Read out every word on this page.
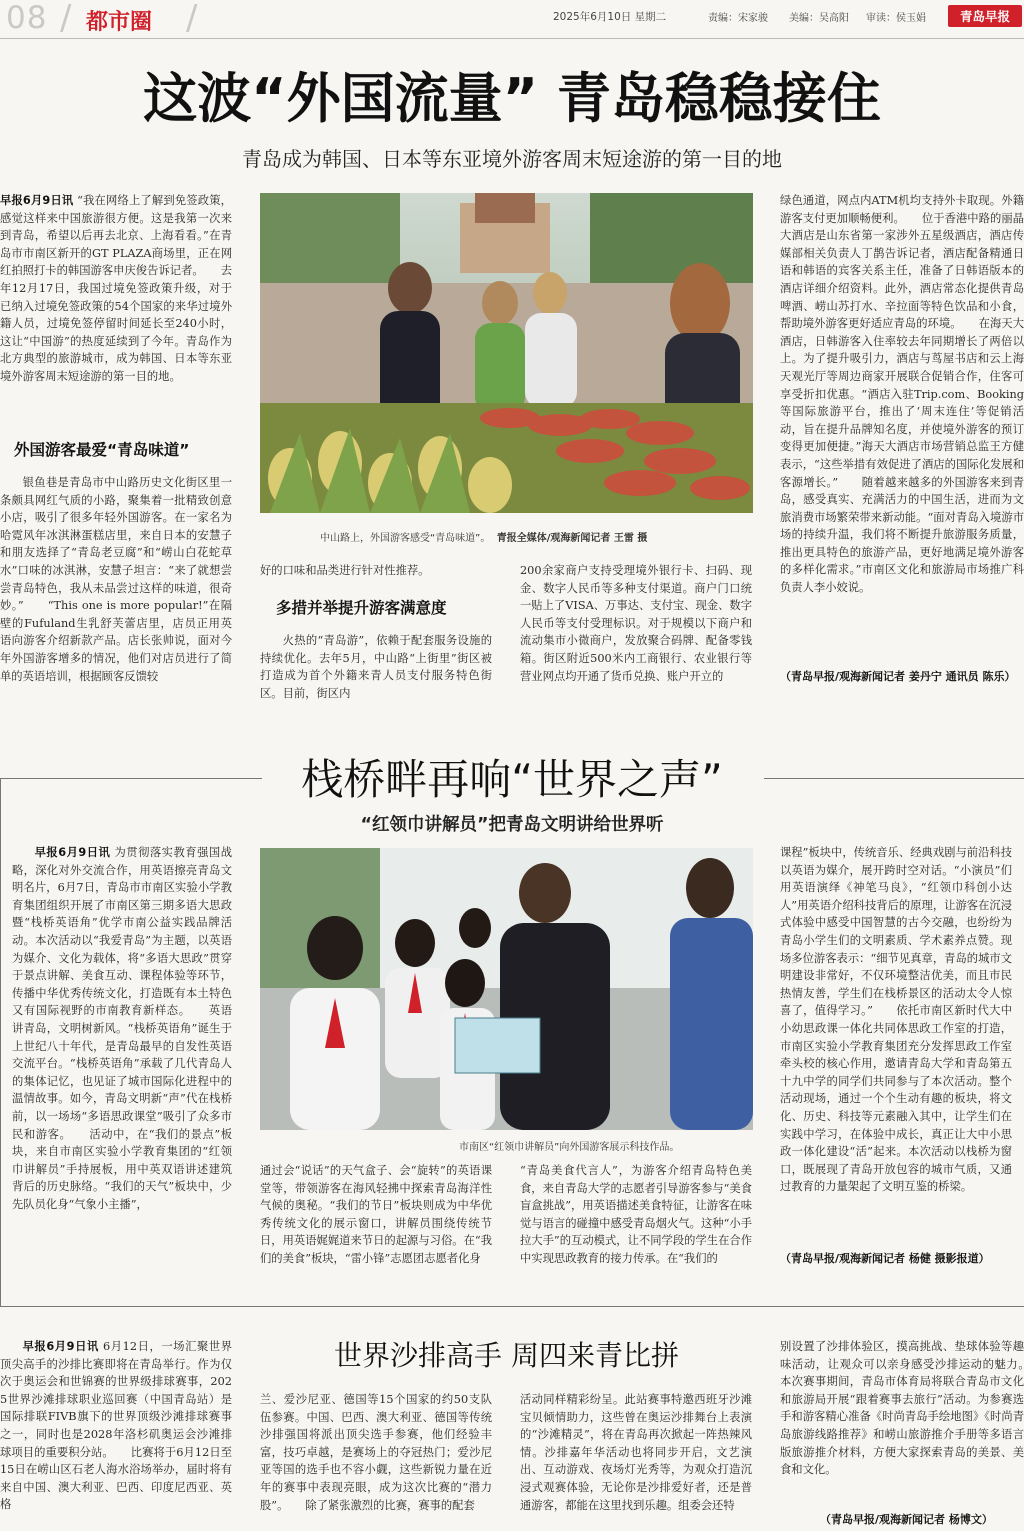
08 / 都市圈 /	2025年6月10日 星期二	责编：宋家骏 美编：吴高阳 审读：侯玉娟	青岛早报
这波“外国流量” 青岛稳稳接住
青岛成为韩国、日本等东亚境外游客周末短途游的第一目的地
早报6月9日讯 “我在网络上了解到免签政策，感觉这样来中国旅游很方便。这是我第一次来到青岛，希望以后再去北京、上海看看。”在青岛市市南区新开的GT PLAZA商场里，正在网红拍照打卡的韩国游客申庆俊告诉记者。　　去年12月17日，我国过境免签政策升级，对于已纳入过境免签政策的54个国家的来华过境外籍人员，过境免签停留时间延长至240小时，这让“中国游”的热度延续到了今年。青岛作为北方典型的旅游城市，成为韩国、日本等东亚境外游客周末短途游的第一目的地。
外国游客最爱“青岛味道”
银鱼巷是青岛市中山路历史文化街区里一条颇具网红气质的小路，聚集着一批精致创意小店，吸引了很多年轻外国游客。在一家名为哈霓风年冰淇淋蛋糕店里，来自日本的安慧子和朋友选择了“青岛老豆腐”和“崂山白花蛇草水”口味的冰淇淋，安慧子坦言：“来了就想尝尝青岛特色，我从未品尝过这样的味道，很奇妙。”　　“This one is more popular!”在隔壁的Fufuland生乳舒芙蕾店里，店员正用英语向游客介绍新款产品。店长张帅说，面对今年外国游客增多的情况，他们对店员进行了简单的英语培训，根据顾客反馈较
中山路上，外国游客感受“青岛味道”。 青报全媒体/观海新闻记者 王雷 摄
好的口味和品类进行针对性推荐。
多措并举提升游客满意度
火热的“青岛游”，依赖于配套服务设施的持续优化。去年5月，中山路“上街里”街区被打造成为首个外籍来青人员支付服务特色街区。目前，街区内
200余家商户支持受理境外银行卡、扫码、现金、数字人民币等多种支付渠道。商户门口统一贴上了VISA、万事达、支付宝、现金、数字人民币等支付受理标识。对于规模以下商户和流动集市小微商户，发放聚合码牌、配备零钱箱。街区附近500米内工商银行、农业银行等营业网点均开通了货币兑换、账户开立的
绿色通道，网点内ATM机均支持外卡取现。外籍游客支付更加顺畅便利。　　位于香港中路的丽晶大酒店是山东省第一家涉外五星级酒店，酒店传媒部相关负责人丁鹊告诉记者，酒店配备精通日语和韩语的宾客关系主任，准备了日韩语版本的酒店详细介绍资料。此外，酒店常态化提供青岛啤酒、崂山苏打水、辛拉面等特色饮品和小食，帮助境外游客更好适应青岛的环境。　　在海天大酒店，日韩游客入住率较去年同期增长了两倍以上。为了提升吸引力，酒店与茑屋书店和云上海天观光厅等周边商家开展联合促销合作，住客可享受折扣优惠。“酒店入驻Trip.com、Booking等国际旅游平台，推出了‘周末连住’等促销活动，旨在提升品牌知名度，并使境外游客的预订变得更加便捷。”海天大酒店市场营销总监王方健表示，“这些举措有效促进了酒店的国际化发展和客源增长。”　　随着越来越多的外国游客来到青岛，感受真实、充满活力的中国生活，进而为文旅消费市场繁荣带来新动能。“面对青岛入境游市场的持续升温，我们将不断提升旅游服务质量，推出更具特色的旅游产品，更好地满足境外游客的多样化需求。”市南区文化和旅游局市场推广科负责人李小姣说。
（青岛早报/观海新闻记者 姜丹宁 通讯员 陈乐）
栈桥畔再响“世界之声”
“红领巾讲解员”把青岛文明讲给世界听
早报6月9日讯 为贯彻落实教育强国战略，深化对外交流合作，用英语擦亮青岛文明名片，6月7日，青岛市市南区实验小学教育集团组织开展了市南区第三期多语大思政暨“栈桥英语角”优学市南公益实践品牌活动。本次活动以“我爱青岛”为主题，以英语为媒介、文化为载体，将“多语大思政”贯穿于景点讲解、美食互动、课程体验等环节，传播中华优秀传统文化，打造既有本土特色又有国际视野的市南教育新样态。　　英语讲青岛，文明树新风。“栈桥英语角”诞生于上世纪八十年代，是青岛最早的自发性英语交流平台。“栈桥英语角”承载了几代青岛人的集体记忆，也见证了城市国际化进程中的温情故事。如今，青岛文明新“声”代在栈桥前，以一场场“多语思政课堂”吸引了众多市民和游客。　　活动中，在“我们的景点”板块，来自市南区实验小学教育集团的“红领巾讲解员”手持展板，用中英双语讲述建筑背后的历史脉络。“我们的天气”板块中，少先队员化身“气象小主播”，
市南区“红领巾讲解员”向外国游客展示科技作品。
通过会“说话”的天气盒子、会“旋转”的英语课堂等，带领游客在海风轻拂中探索青岛海洋性气候的奥秘。“我们的节日”板块则成为中华优秀传统文化的展示窗口，讲解员围绕传统节日，用英语娓娓道来节日的起源与习俗。在“我们的美食”板块，“雷小锋”志愿团志愿者化身
“青岛美食代言人”，为游客介绍青岛特色美食，来自青岛大学的志愿者引导游客参与“美食盲盒挑战”，用英语描述美食特征，让游客在味觉与语言的碰撞中感受青岛烟火气。这种“小手拉大手”的互动模式，让不同学段的学生在合作中实现思政教育的接力传承。在“我们的
课程”板块中，传统音乐、经典戏剧与前沿科技以英语为媒介，展开跨时空对话。“小演员”们用英语演绎《神笔马良》，“红领巾科创小达人”用英语介绍科技背后的原理，让游客在沉浸式体验中感受中国智慧的古今交融，也纷纷为青岛小学生们的文明素质、学术素养点赞。现场多位游客表示：“细节见真章，青岛的城市文明建设非常好，不仅环境整洁优美，而且市民热情友善，学生们在栈桥景区的活动太令人惊喜了，值得学习。”　　依托市南区新时代大中小幼思政课一体化共同体思政工作室的打造，市南区实验小学教育集团充分发挥思政工作室牵头校的核心作用，邀请青岛大学和青岛第五十九中学的同学们共同参与了本次活动。整个活动现场，通过一个个生动有趣的板块，将文化、历史、科技等元素融入其中，让学生们在实践中学习，在体验中成长，真正让大中小思政一体化建设“活”起来。本次活动以栈桥为窗口，既展现了青岛开放包容的城市气质，又通过教育的力量架起了文明互鉴的桥梁。
（青岛早报/观海新闻记者 杨健 摄影报道）
世界沙排高手 周四来青比拼
早报6月9日讯 6月12日，一场汇聚世界顶尖高手的沙排比赛即将在青岛举行。作为仅次于奥运会和世锦赛的世界级排球赛事，2025世界沙滩排球职业巡回赛（中国青岛站）是国际排联FIVB旗下的世界顶级沙滩排球赛事之一，同时也是2028年洛杉矶奥运会沙滩排球项目的重要积分站。　　比赛将于6月12日至15日在崂山区石老人海水浴场举办，届时将有来自中国、澳大利亚、巴西、印度尼西亚、英格
兰、爱沙尼亚、德国等15个国家的约50支队伍参赛。中国、巴西、澳大利亚、德国等传统沙排强国将派出顶尖选手参赛，他们经验丰富，技巧卓越，是赛场上的夺冠热门；爱沙尼亚等国的选手也不容小觑，这些新锐力量在近年的赛事中表现亮眼，成为这次比赛的“潜力股”。　　除了紧张激烈的比赛，赛事的配套
活动同样精彩纷呈。此站赛事特邀西班牙沙滩宝贝倾情助力，这些曾在奥运沙排舞台上表演的“沙滩精灵”，将在青岛再次掀起一阵热辣风情。沙排嘉年华活动也将同步开启，文艺演出、互动游戏、夜场灯光秀等，为观众打造沉浸式观赛体验，无论你是沙排爱好者，还是普通游客，都能在这里找到乐趣。组委会还特
别设置了沙排体验区，摸高挑战、垫球体验等趣味活动，让观众可以亲身感受沙排运动的魅力。　　本次赛事期间，青岛市体育局将联合青岛市文化和旅游局开展“跟着赛事去旅行”活动。为参赛选手和游客精心准备《时尚青岛手绘地图》《时尚青岛旅游线路推荐》和崂山旅游推介手册等多语言版旅游推介材料，方便大家探索青岛的美景、美食和文化。
（青岛早报/观海新闻记者 杨博文）
